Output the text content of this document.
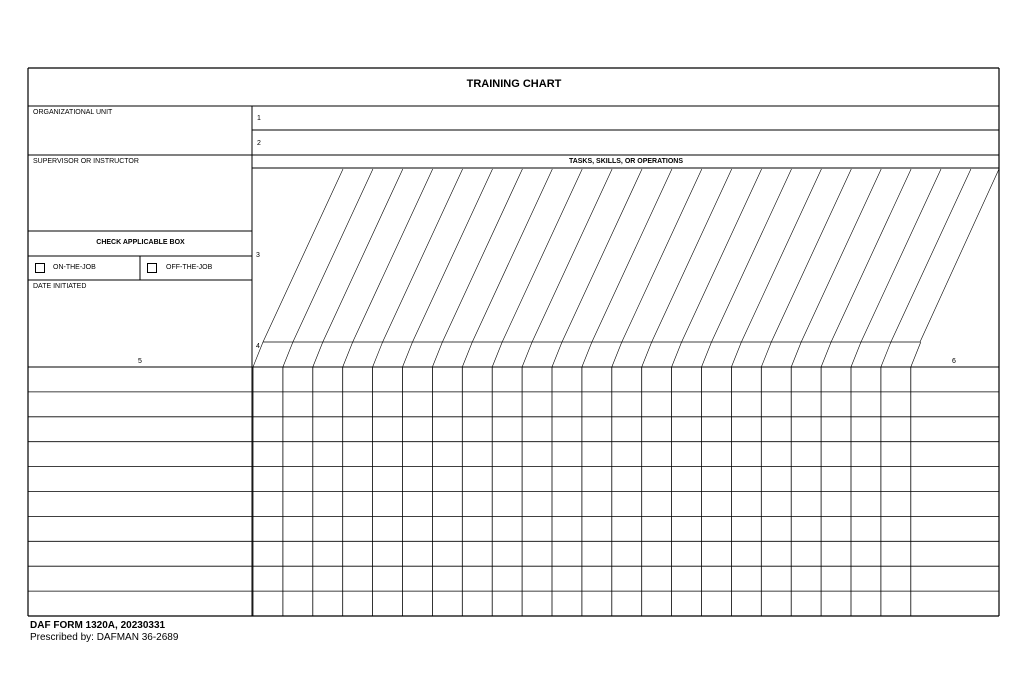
TRAINING CHART
ORGANIZATIONAL UNIT
1
2
SUPERVISOR OR INSTRUCTOR
CHECK APPLICABLE BOX
ON-THE-JOB	OFF-THE-JOB
DATE INITIATED
5
TASKS, SKILLS, OR OPERATIONS
3
4
6
DAF FORM 1320A, 20230331
Prescribed by: DAFMAN 36-2689
